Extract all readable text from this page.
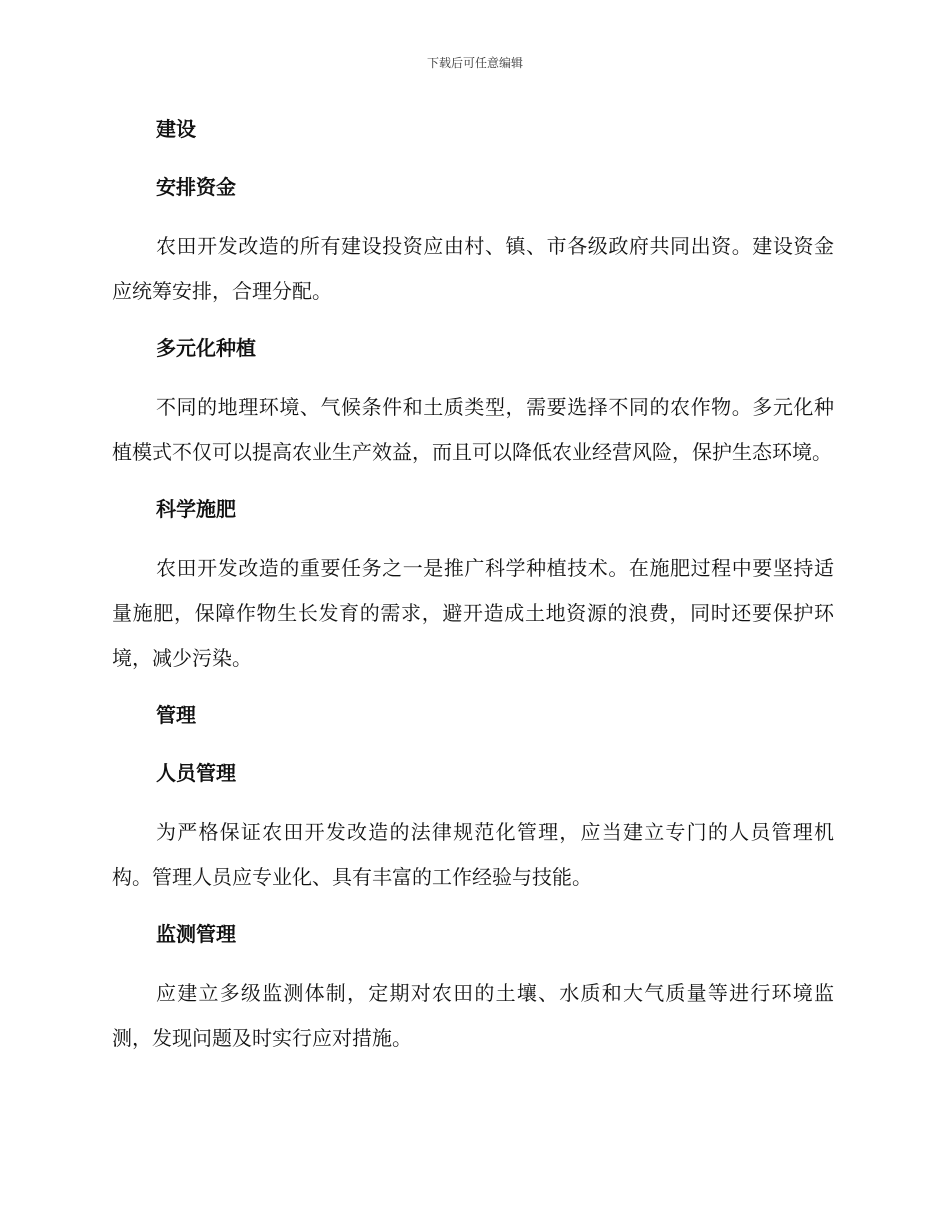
下载后可任意编辑
建设
安排资金

农田开发改造的所有建设投资应由村、镇、市各级政府共同出资。建设资金应统筹安排，合理分配。

多元化种植

不同的地理环境、气候条件和土质类型，需要选择不同的农作物。多元化种植模式不仅可以提高农业生产效益，而且可以降低农业经营风险，保护生态环境。

科学施肥

农田开发改造的重要任务之一是推广科学种植技术。在施肥过程中要坚持适量施肥，保障作物生长发育的需求，避开造成土地资源的浪费，同时还要保护环境，减少污染。

管理
人员管理

为严格保证农田开发改造的法律规范化管理，应当建立专门的人员管理机构。管理人员应专业化、具有丰富的工作经验与技能。

监测管理

应建立多级监测体制，定期对农田的土壤、水质和大气质量等进行环境监测，发现问题及时实行应对措施。
